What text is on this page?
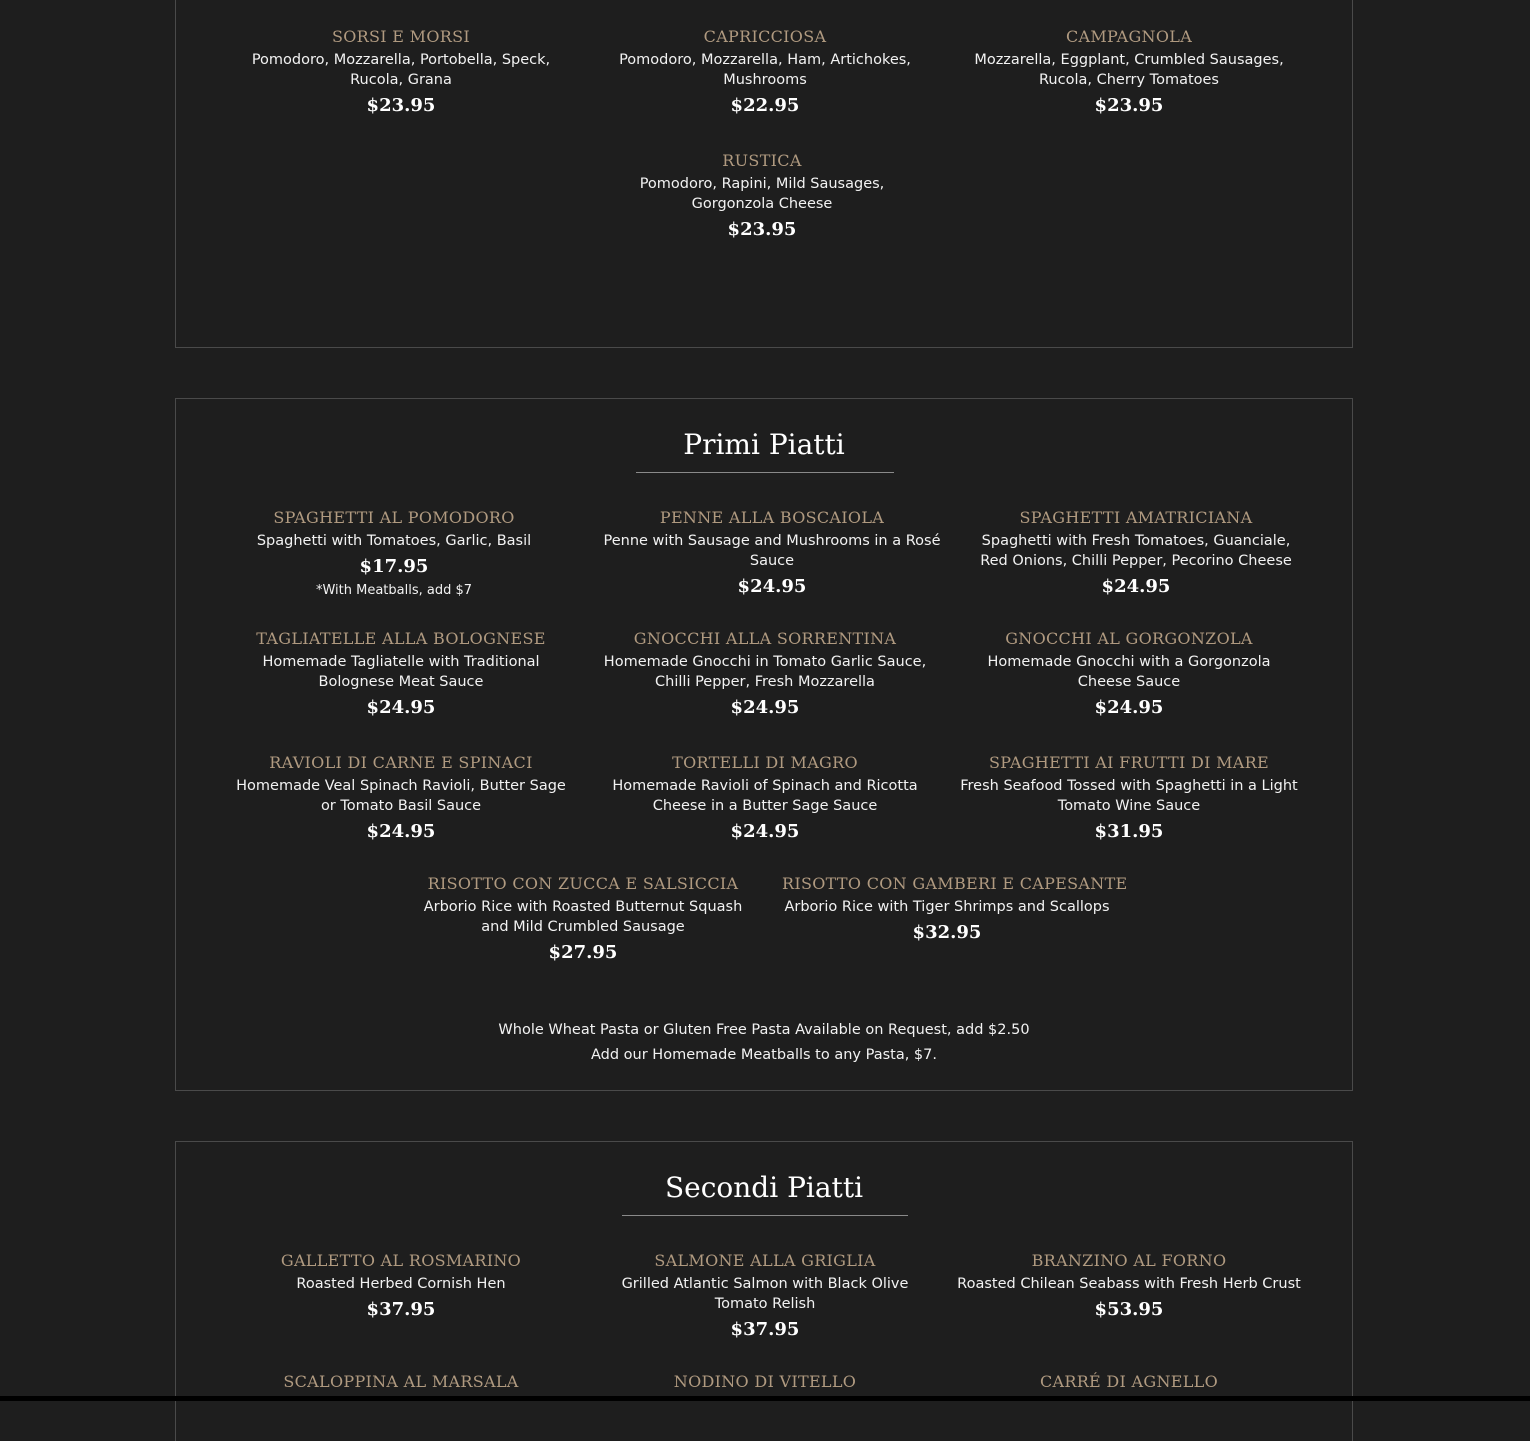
SORSI E MORSI
Pomodoro, Mozzarella, Portobella, Speck, Rucola, Grana
$23.95
CAPRICCIOSA
Pomodoro, Mozzarella, Ham, Artichokes, Mushrooms
$22.95
CAMPAGNOLA
Mozzarella, Eggplant, Crumbled Sausages, Rucola, Cherry Tomatoes
$23.95
RUSTICA
Pomodoro, Rapini, Mild Sausages, Gorgonzola Cheese
$23.95
Primi Piatti
SPAGHETTI AL POMODORO
Spaghetti with Tomatoes, Garlic, Basil
$17.95
*With Meatballs, add $7
PENNE ALLA BOSCAIOLA
Penne with Sausage and Mushrooms in a Rosé Sauce
$24.95
SPAGHETTI AMATRICIANA
Spaghetti with Fresh Tomatoes, Guanciale, Red Onions, Chilli Pepper, Pecorino Cheese
$24.95
TAGLIATELLE ALLA BOLOGNESE
Homemade Tagliatelle with Traditional Bolognese Meat Sauce
$24.95
GNOCCHI ALLA SORRENTINA
Homemade Gnocchi in Tomato Garlic Sauce, Chilli Pepper, Fresh Mozzarella
$24.95
GNOCCHI AL GORGONZOLA
Homemade Gnocchi with a Gorgonzola Cheese Sauce
$24.95
RAVIOLI DI CARNE E SPINACI
Homemade Veal Spinach Ravioli, Butter Sage or Tomato Basil Sauce
$24.95
TORTELLI DI MAGRO
Homemade Ravioli of Spinach and Ricotta Cheese in a Butter Sage Sauce
$24.95
SPAGHETTI AI FRUTTI DI MARE
Fresh Seafood Tossed with Spaghetti in a Light Tomato Wine Sauce
$31.95
RISOTTO CON ZUCCA E SALSICCIA
Arborio Rice with Roasted Butternut Squash and Mild Crumbled Sausage
$27.95
RISOTTO CON GAMBERI E CAPESANTE
Arborio Rice with Tiger Shrimps and Scallops
$32.95
Whole Wheat Pasta or Gluten Free Pasta Available on Request, add $2.50
Add our Homemade Meatballs to any Pasta, $7.
Secondi Piatti
GALLETTO AL ROSMARINO
Roasted Herbed Cornish Hen
$37.95
SALMONE ALLA GRIGLIA
Grilled Atlantic Salmon with Black Olive Tomato Relish
$37.95
BRANZINO AL FORNO
Roasted Chilean Seabass with Fresh Herb Crust
$53.95
SCALOPPINA AL MARSALA	NODINO DI VITELLO	CARRÉ DI AGNELLO
